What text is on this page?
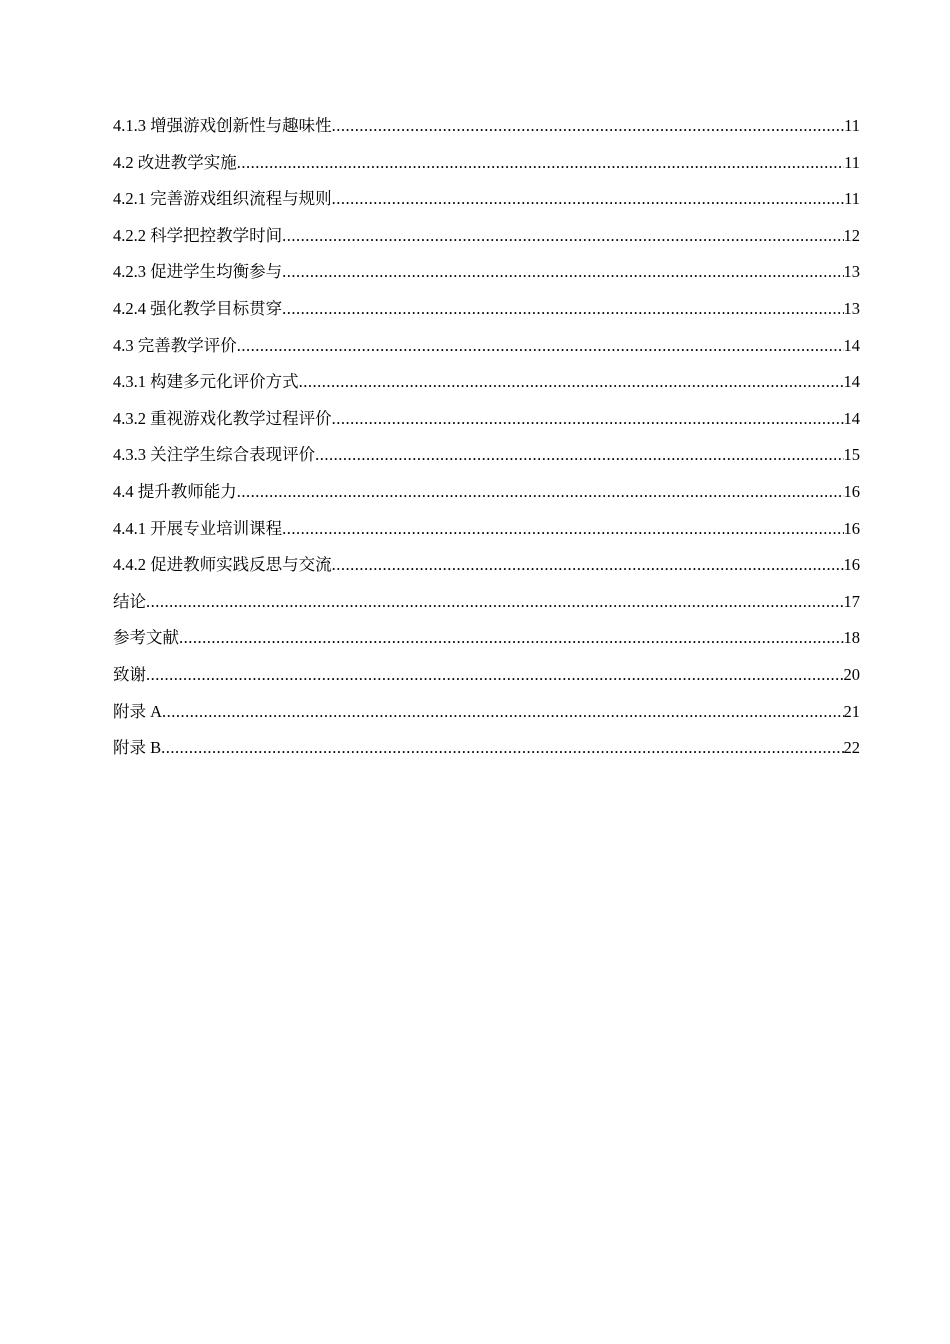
4.1.3 增强游戏创新性与趣味性 .....	11
4.2 改进教学实施 .....	11
4.2.1 完善游戏组织流程与规则 .....	11
4.2.2 科学把控教学时间 .....	12
4.2.3 促进学生均衡参与 .....	13
4.2.4 强化教学目标贯穿 .....	13
4.3 完善教学评价 .....	14
4.3.1 构建多元化评价方式 .....	14
4.3.2 重视游戏化教学过程评价 .....	14
4.3.3 关注学生综合表现评价 .....	15
4.4 提升教师能力 .....	16
4.4.1 开展专业培训课程 .....	16
4.4.2 促进教师实践反思与交流 .....	16
结论 .....	17
参考文献 .....	18
致谢 .....	20
附录 A .....	21
附录 B .....	22
